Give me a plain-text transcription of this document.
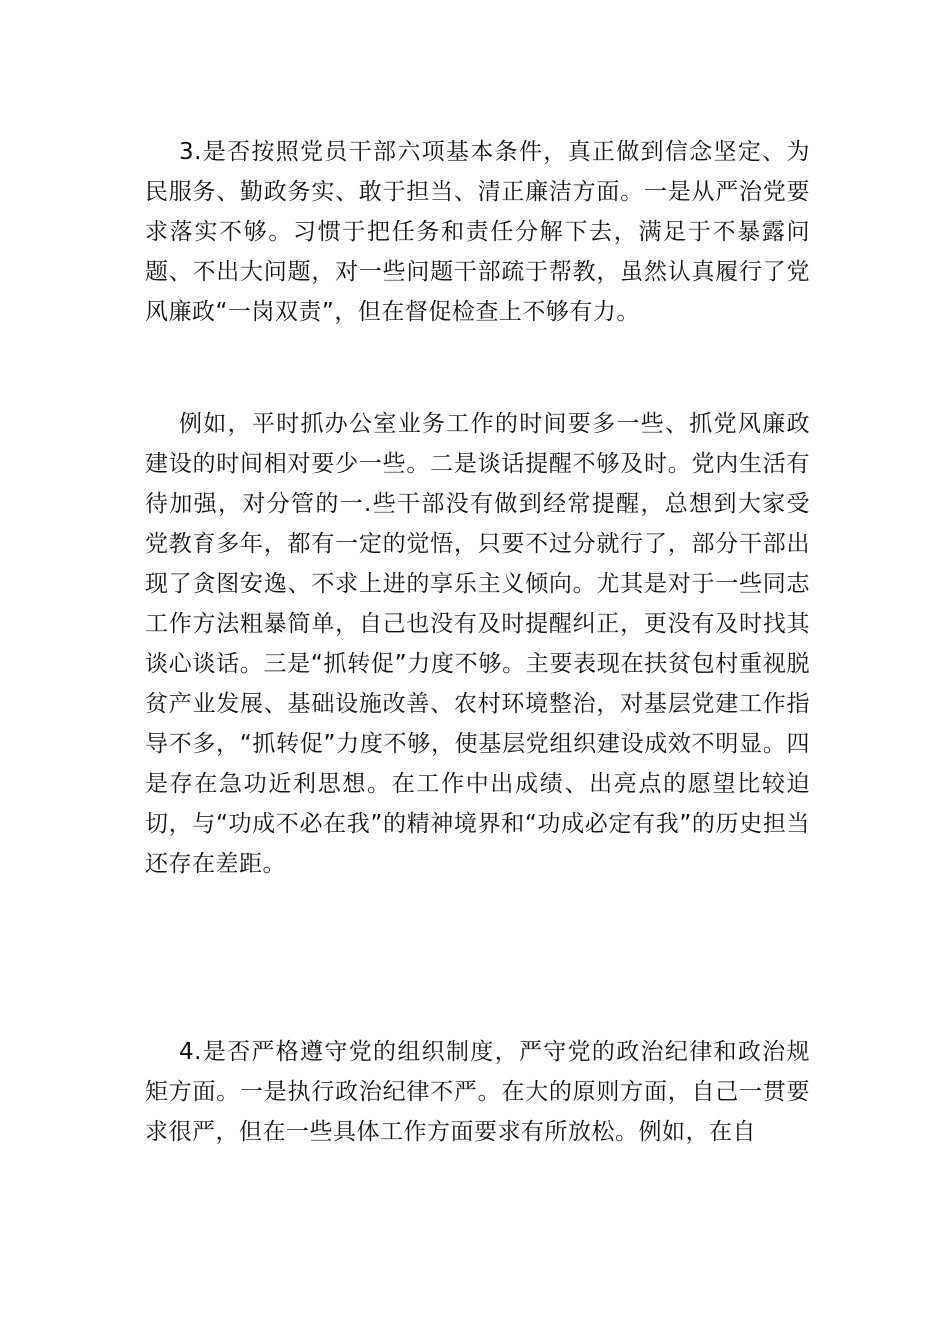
3.是否按照党员干部六项基本条件，真正做到信念坚定、为民服务、勤政务实、敢于担当、清正廉洁方面。一是从严治党要求落实不够。习惯于把任务和责任分解下去，满足于不暴露问题、不出大问题，对一些问题干部疏于帮教，虽然认真履行了党风廉政“一岗双责”，但在督促检查上不够有力。

例如，平时抓办公室业务工作的时间要多一些、抓党风廉政建设的时间相对要少一些。二是谈话提醒不够及时。党内生活有待加强，对分管的一.些干部没有做到经常提醒，总想到大家受党教育多年，都有一定的觉悟，只要不过分就行了，部分干部出现了贪图安逸、不求上进的享乐主义倾向。尤其是对于一些同志工作方法粗暴简单，自己也没有及时提醒纠正，更没有及时找其谈心谈话。三是“抓转促”力度不够。主要表现在扶贫包村重视脱贫产业发展、基础设施改善、农村环境整治，对基层党建工作指导不多，“抓转促”力度不够，使基层党组织建设成效不明显。四是存在急功近利思想。在工作中出成绩、出亮点的愿望比较迫切，与“功成不必在我”的精神境界和“功成必定有我”的历史担当还存在差距。

4.是否严格遵守党的组织制度，严守党的政治纪律和政治规矩方面。一是执行政治纪律不严。在大的原则方面，自己一贯要求很严，但在一些具体工作方面要求有所放松。例如，在自
